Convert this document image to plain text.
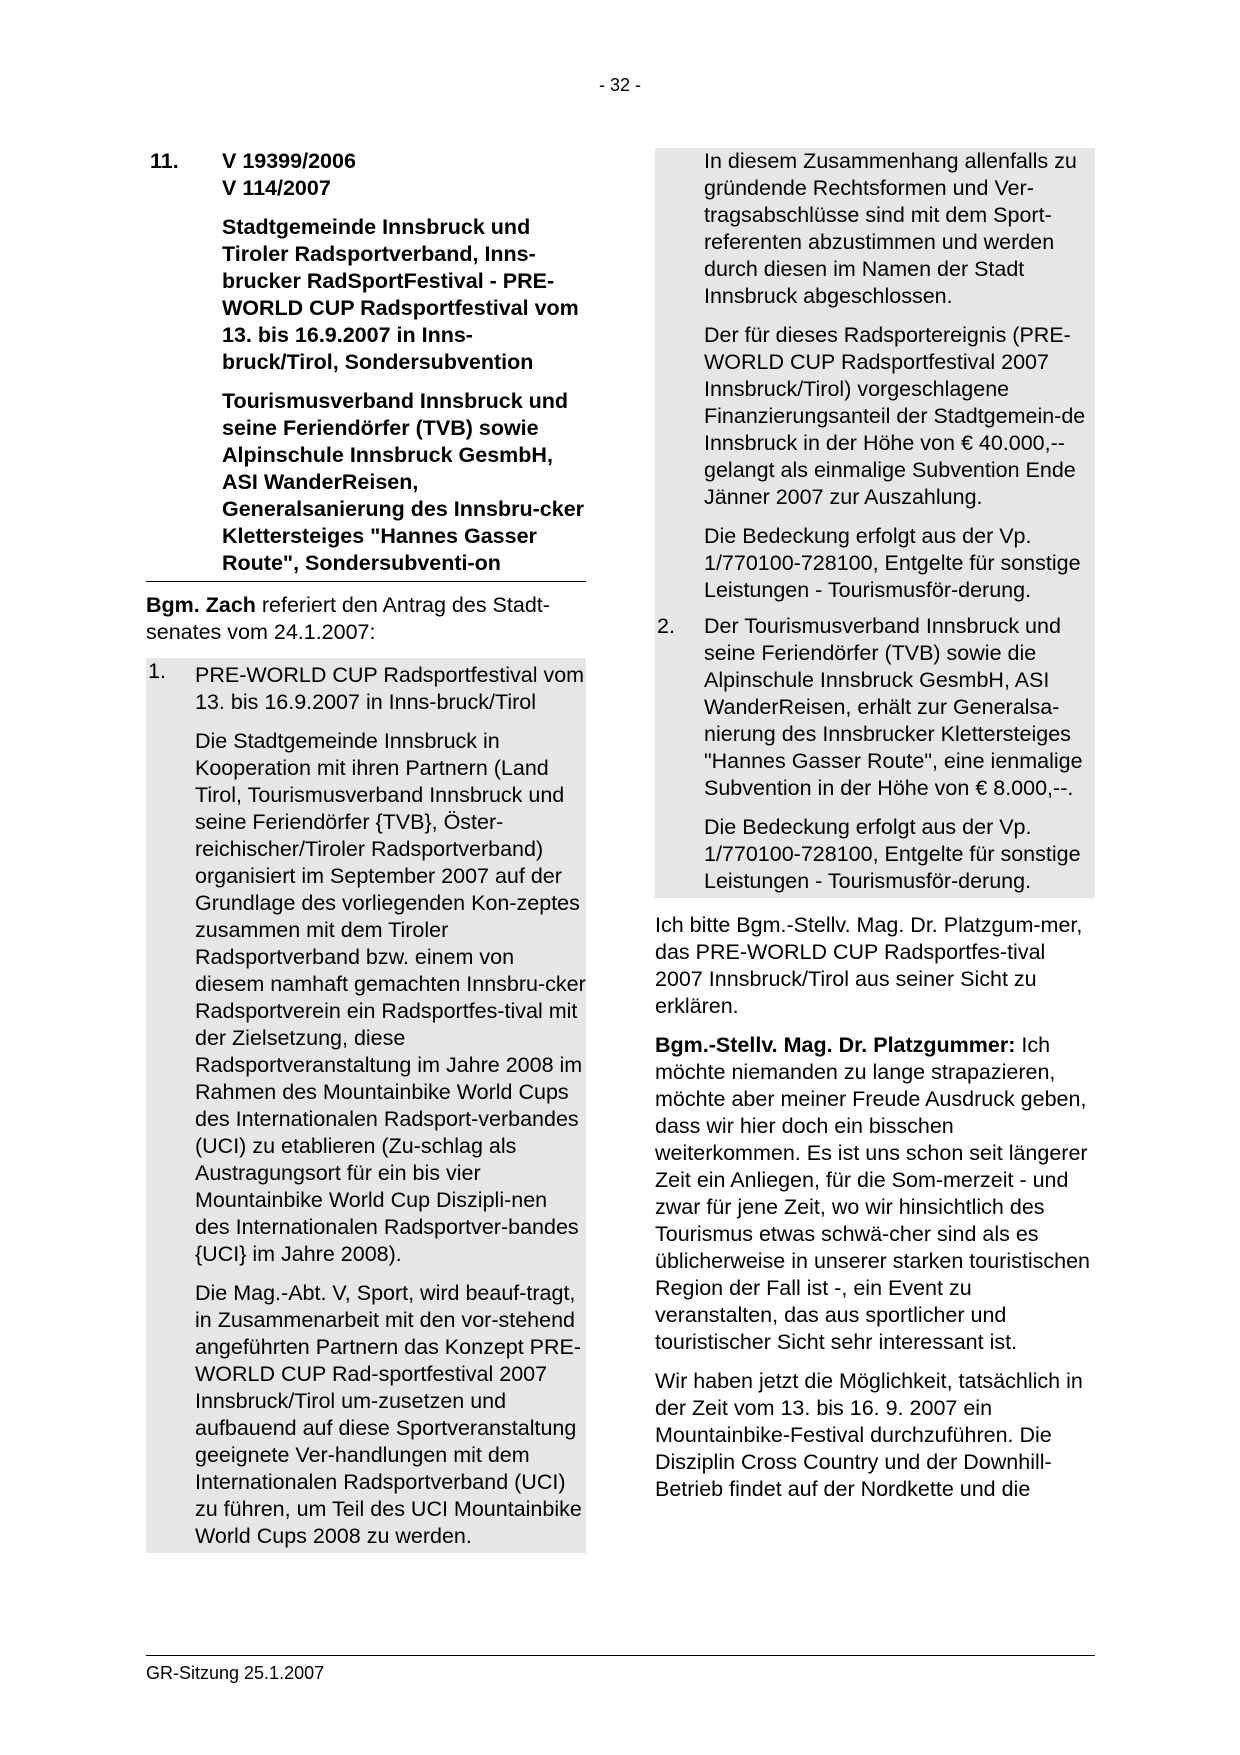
- 32 -
11. V 19399/2006
V 114/2007

Stadtgemeinde Innsbruck und Tiroler Radsportverband, Inns-brucker RadSportFestival - PRE-WORLD CUP Radsportfestival vom 13. bis 16.9.2007 in Inns-bruck/Tirol, Sondersubvention

Tourismusverband Innsbruck und seine Feriendörfer (TVB) sowie Alpinschule Innsbruck GesmbH, ASI WanderReisen, Generalsanierung des Innsbru-cker Klettersteiges "Hannes Gasser Route", Sondersubventi-on

Bgm. Zach referiert den Antrag des Stadt-senates vom 24.1.2007:

1. PRE-WORLD CUP Radsportfestival vom 13. bis 16.9.2007 in Inns-bruck/Tirol

Die Stadtgemeinde Innsbruck in Kooperation mit ihren Partnern (Land Tirol, Tourismusverband Innsbruck und seine Feriendörfer {TVB}, Öster-reichischer/Tiroler Radsportverband) organisiert im September 2007 auf der Grundlage des vorliegenden Kon-zeptes zusammen mit dem Tiroler Radsportverband bzw. einem von diesem namhaft gemachten Innsbru-cker Radsportverein ein Radsportfes-tival mit der Zielsetzung, diese Radsportveranstaltung im Jahre 2008 im Rahmen des Mountainbike World Cups des Internationalen Radsport-verbandes (UCI) zu etablieren (Zu-schlag als Austragungsort für ein bis vier Mountainbike World Cup Diszipli-nen des Internationalen Radsportver-bandes {UCI} im Jahre 2008).

Die Mag.-Abt. V, Sport, wird beauf-tragt, in Zusammenarbeit mit den vor-stehend angeführten Partnern das Konzept PRE-WORLD CUP Rad-sportfestival 2007 Innsbruck/Tirol um-zusetzen und aufbauend auf diese Sportveranstaltung geeignete Ver-handlungen mit dem Internationalen Radsportverband (UCI) zu führen, um Teil des UCI Mountainbike World Cups 2008 zu werden.

In diesem Zusammenhang allenfalls zu gründende Rechtsformen und Ver-tragsabschlüsse sind mit dem Sport-referenten abzustimmen und werden durch diesen im Namen der Stadt Innsbruck abgeschlossen.

Der für dieses Radsportereignis (PRE-WORLD CUP Radsportfestival 2007 Innsbruck/Tirol) vorgeschlagene Finanzierungsanteil der Stadtgemein-de Innsbruck in der Höhe von € 40.000,-- gelangt als einmalige Subvention Ende Jänner 2007 zur Auszahlung.

Die Bedeckung erfolgt aus der Vp. 1/770100-728100, Entgelte für sonstige Leistungen - Tourismusför-derung.

2. Der Tourismusverband Innsbruck und seine Feriendörfer (TVB) sowie die Alpinschule Innsbruck GesmbH, ASI WanderReisen, erhält zur Generalsa-nierung des Innsbrucker Klettersteiges "Hannes Gasser Route", eine ienmalige Subvention in der Höhe von € 8.000,--.

Die Bedeckung erfolgt aus der Vp. 1/770100-728100, Entgelte für sonstige Leistungen - Tourismusför-derung.

Ich bitte Bgm.-Stellv. Mag. Dr. Platzgum-mer, das PRE-WORLD CUP Radsportfes-tival 2007 Innsbruck/Tirol aus seiner Sicht zu erklären.

Bgm.-Stellv. Mag. Dr. Platzgummer: Ich möchte niemanden zu lange strapazieren, möchte aber meiner Freude Ausdruck geben, dass wir hier doch ein bisschen weiterkommen. Es ist uns schon seit längerer Zeit ein Anliegen, für die Som-merzeit - und zwar für jene Zeit, wo wir hinsichtlich des Tourismus etwas schwä-cher sind als es üblicherweise in unserer starken touristischen Region der Fall ist -, ein Event zu veranstalten, das aus sportlicher und touristischer Sicht sehr interessant ist.

Wir haben jetzt die Möglichkeit, tatsächlich in der Zeit vom 13. bis 16. 9. 2007 ein Mountainbike-Festival durchzuführen. Die Disziplin Cross Country und der Downhill-Betrieb findet auf der Nordkette und die

GR-Sitzung 25.1.2007
